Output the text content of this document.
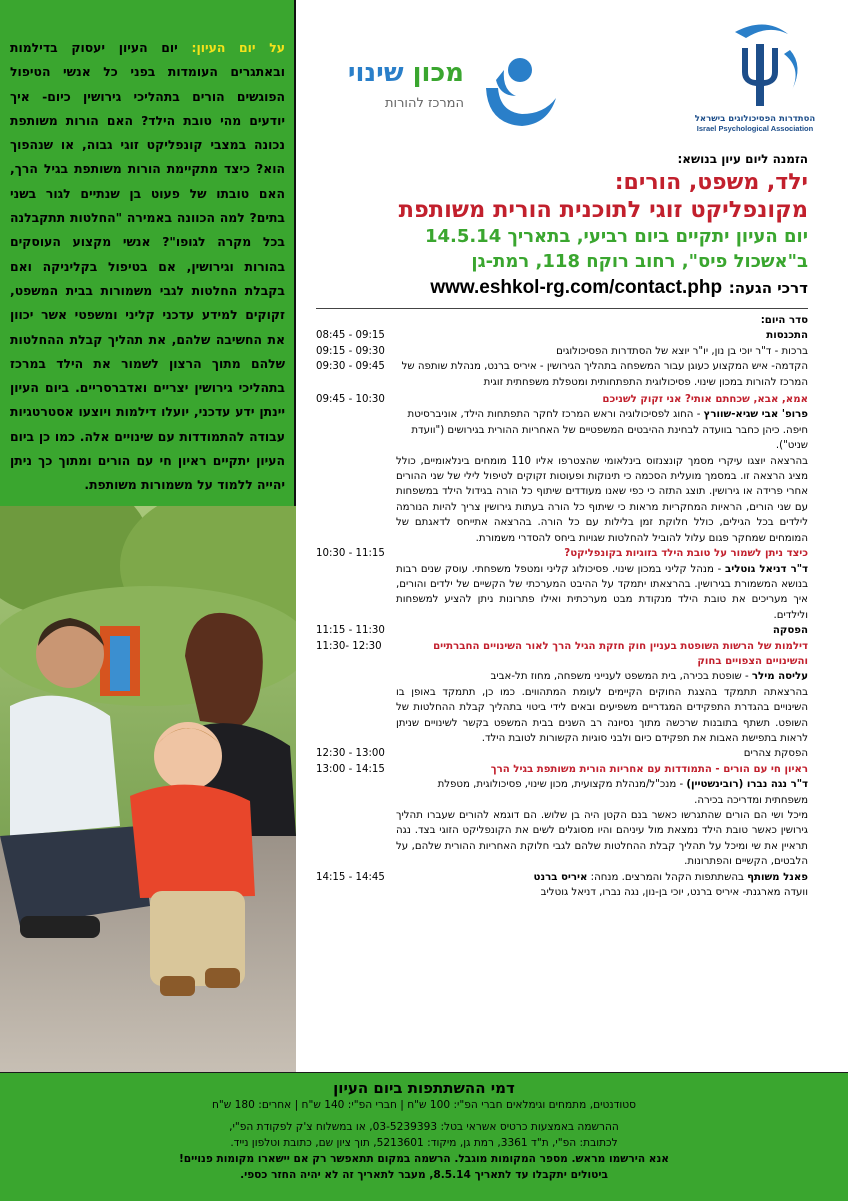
על יום העיון: יום העיון יעסוק בדילמות ובאתגרים העומדות בפני כל אנשי הטיפול הפוגשים הורים בתהליכי גירושין כיום- איך יודעים מהי טובת הילד? האם הורות משותפת נכונה במצבי קונפליקט זוגי גבוה, או שנהפוך הוא? כיצד מתקיימת הורות משותפת בגיל הרך, האם טובתו של פעוט בן שנתיים לגור בשני בתים? למה הכוונה באמירה "החלטות תתקבלנה בכל מקרה לגופו"? אנשי מקצוע העוסקים בהורות וגירושין, אם בטיפול בקליניקה ואם בקבלת החלטות לגבי משמורות בבית המשפט, זקוקים למידע עדכני קליני ומשפטי אשר יכוון את החשיבה שלהם, את תהליך קבלת ההחלטות שלהם מתוך הרצון לשמור את הילד במרכז בתהליכי גירושין יצריים ואדברסריים. ביום העיון יינתן ידע עדכני, יועלו דילמות ויוצעו אסטרטגיות עבודה להתמודדות עם שינויים אלה. כמו כן ביום העיון יתקיים ראיון חי עם הורים ומתוך כך ניתן יהייה ללמוד על משמורות משותפת.
הסתדרות הפסיכולוגים בישראל
Israel Psychological Association
מכון שינוי
המרכז להורות
הזמנה ליום עיון בנושא:
ילד, משפט, הורים:
מקונפליקט זוגי לתוכנית הורית משותפת
יום העיון יתקיים ביום רביעי, בתאריך 14.5.14
ב"אשכול פיס", רחוב רוקח 118, רמת-גן
דרכי הגעה: www.eshkol-rg.com/contact.php
סדר היום:
התכנסות
08:45 - 09:15
ברכות - ד"ר יוכי בן נון, יו"ר יוצא של הסתדרות הפסיכולוגים
09:15 - 09:30
הקדמה- איש המקצוע כעוגן עבור המשפחה בתהליך הגירושין - איריס ברנט, מנהלת שותפה של המרכז להורות במכון שינוי. פסיכולוגית התפתחותית ומטפלת משפחתית זוגית
09:30 - 09:45
אמא, אבא, שכחתם אותי? אני זקוק לשניכם
פרופ' אבי שגיא-שוורץ - החוג לפסיכולוגיה וראש המרכז לחקר התפתחות הילד, אוניברסיטת חיפה. כיהן כחבר בוועדה לבחינת ההיבטים המשפטיים של האחריות ההורית בגירושים ("וועדת שניט").
בהרצאה יוצגו עיקרי מסמך קונצנזוס בינלאומי שהצטרפו אליו 110 מומחים בינלאומיים, כולל מציג הרצאה זו. במסמך מועלית הסכמה כי תינוקות ופעוטות זקוקים לטיפול לילי של שני ההורים אחרי פרידה או גירושין. תוצג התזה כי כפי שאנו מעודדים שיתוף כל הורה בגידול הילד במשפחות עם שני הורים, הראיות המחקריות מראות כי שיתוף כל הורה בעתות גירושין צריך להיות הנורמה לילדים בכל הגילים, כולל חלוקת זמן בלילות עם כל הורה. בהרצאה אתייחס לדאגתם של המומחים שמחקר פגום עלול להוביל להחלטות שגויות ביחס להסדרי משמורת.
09:45 - 10:30
כיצד ניתן לשמור על טובת הילד בזוגיות בקונפליקט?
ד"ר דניאל גוטליב - מנהל קליני במכון שינוי. פסיכולוג קליני ומטפל משפחתי. עוסק שנים רבות בנושא המשמורת בגירושין. בהרצאתו יתמקד על ההיבט המערכתי של הקשיים של ילדים והורים, איך מעריכים את טובת הילד מנקודת מבט מערכתית ואילו פתרונות ניתן להציע למשפחות ולילדים.
10:30 - 11:15
הפסקה
11:15 - 11:30
דילמות של הרשות השופטת בעניין חוק חזקת הגיל הרך לאור השינויים החברתיים והשינויים הצפויים בחוק
עליסה מילר - שופטת בכירה, בית המשפט לענייני משפחה, מחוז תל-אביב
בהרצאתה תתמקד בהצגת החוקים הקיימים לעומת המתהווים. כמו כן, תתמקד באופן בו השינויים בהגדרת התפקידים המגדריים משפיעים ובאים לידי ביטוי בתהליך קבלת ההחלטות של השופט. תשתף בתובנות שרכשה מתוך נסיונה רב השנים בבית המשפט בקשר לשינויים שניתן לראות בתפישת האבות את תפקידם כיום ולבני סוגיות הקשורות לטובת הילד.
11:30- 12:30
הפסקת צהרים
12:30 - 13:00
ראיון חי עם הורים - התמודדות עם אחריות הורית משותפת בגיל הרך
ד"ר נגה נברו (רובינשטיין) - מנכ"ל/מנהלת מקצועית, מכון שינוי, פסיכולוגית, מטפלת משפחתית ומדריכה בכירה.
מיכל ושי הם הורים שהתגרשו כאשר בנם הקטן היה בן שלוש. הם דוגמא להורים שעברו תהליך גירושין כאשר טובת הילד נמצאת מול עיניהם והיו מסוגלים לשים את הקונפליקט הזוגי בצד. נגה תראיין את שי ומיכל על תהליך קבלת ההחלטות שלהם לגבי חלוקת האחריות ההורית שלהם, על הלבטים, הקשיים והפתרונות.
13:00 - 14:15
פאנל משותף בהשתתפות הקהל והמרצים. מנחה: איריס ברנט
וועדה מארגנת- איריס ברנט, יוכי בן-נון, נגה נברו, דניאל גוטליב
14:15 - 14:45
דמי ההשתתפות ביום העיון
סטודנטים, מתמחים וגימלאים חברי הפ"י: 100 ש"ח | חברי הפ"י: 140 ש"ח | אחרים: 180 ש"ח
ההרשמה באמצעות כרטיס אשראי בטל: 03-5239393, או במשלוח צ'ק לפקודת הפ"י,
לכתובת: הפ"י, ת"ד 3361, רמת גן, מיקוד: 5213601, תוך ציון שם, כתובת וטלפון נייד.
אנא הירשמו מראש. מספר המקומות מוגבל. הרשמה במקום תתאפשר רק אם יישארו מקומות פנויים!
ביטולים יתקבלו עד לתאריך 8.5.14, מעבר לתאריך זה לא יהיה החזר כספי.
